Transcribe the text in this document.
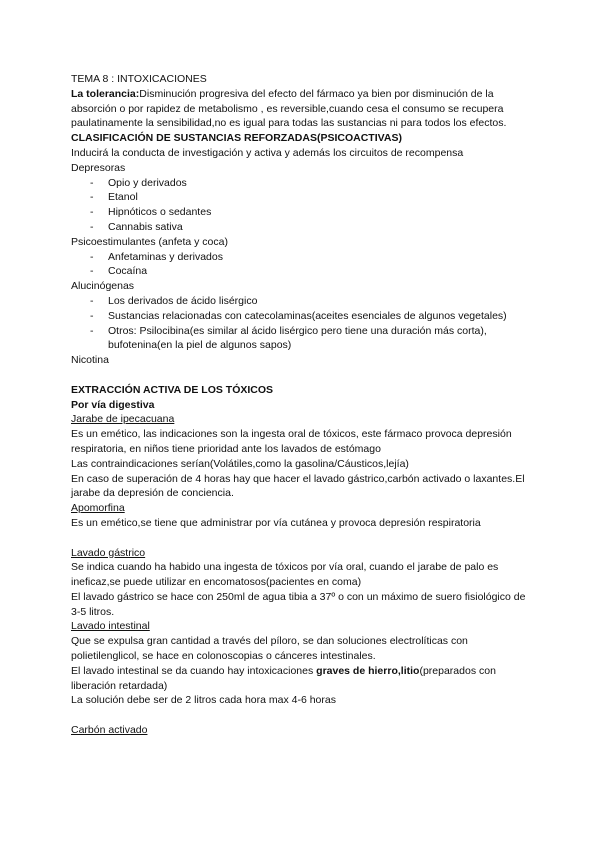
TEMA 8 : INTOXICACIONES

La tolerancia:Disminución progresiva del efecto del fármaco ya bien por disminución de la absorción o por rapidez de metabolismo , es reversible,cuando cesa el consumo se recupera paulatinamente la sensibilidad,no es igual para todas las sustancias ni para todos los efectos.

CLASIFICACIÓN DE SUSTANCIAS REFORZADAS(PSICOACTIVAS)

Inducirá la conducta de investigación y activa y además los circuitos de recompensa

Depresoras

- Opio y derivados
- Etanol
- Hipnóticos o sedantes
- Cannabis sativa

Psicoestimulantes (anfeta y coca)

- Anfetaminas y derivados
- Cocaína

Alucinógenas

- Los derivados de ácido lisérgico
- Sustancias relacionadas con catecolaminas(aceites esenciales de algunos vegetales)
- Otros: Psilocibina(es similar al ácido lisérgico pero tiene una duración más corta), bufotenina(en la piel de algunos sapos)

Nicotina

EXTRACCIÓN ACTIVA DE LOS TÓXICOS

Por vía digestiva

Jarabe de ipecacuana

Es un emético, las indicaciones son la ingesta oral de tóxicos, este fármaco provoca depresión respiratoria, en niños tiene prioridad ante los lavados de estómago

Las contraindicaciones serían(Volátiles,como la gasolina/Cáusticos,lejía)

En caso de superación de 4 horas hay que hacer el lavado gástrico,carbón activado o laxantes.El jarabe da depresión de conciencia.

Apomorfina

Es un emético,se tiene que administrar por vía cutánea y provoca depresión respiratoria

Lavado gástrico

Se indica cuando ha habido una ingesta de tóxicos por vía oral, cuando el jarabe de palo es ineficaz,se puede utilizar en encomatosos(pacientes en coma)

El lavado gástrico se hace con 250ml de agua tibia a 37º o con un máximo de suero fisiológico de 3-5 litros.

Lavado intestinal

Que se expulsa gran cantidad a través del píloro, se dan soluciones electrolíticas con polietilenglicol, se hace en colonoscopias o cánceres intestinales.

El lavado intestinal se da cuando hay intoxicaciones graves de hierro,litio(preparados con liberación retardada)

La solución debe ser de 2 litros cada hora max 4-6 horas

Carbón activado
